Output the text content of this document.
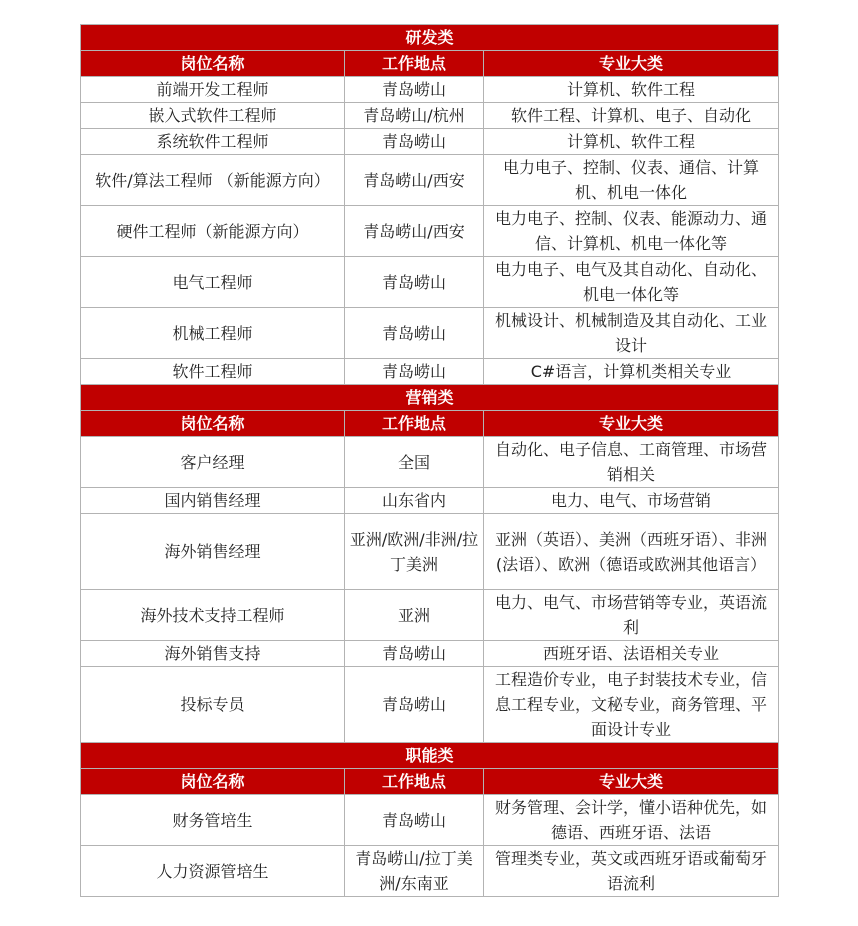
研发类		
岗位名称	工作地点	专业大类
前端开发工程师	青岛崂山	计算机、软件工程
嵌入式软件工程师	青岛崂山/杭州	软件工程、计算机、电子、自动化
系统软件工程师	青岛崂山	计算机、软件工程
软件/算法工程师 （新能源方向）	青岛崂山/西安	电力电子、控制、仪表、通信、计算机、机电一体化
硬件工程师（新能源方向）	青岛崂山/西安	电力电子、控制、仪表、能源动力、通信、计算机、机电一体化等
电气工程师	青岛崂山	电力电子、电气及其自动化、自动化、机电一体化等
机械工程师	青岛崂山	机械设计、机械制造及其自动化、工业设计
软件工程师	青岛崂山	C#语言，计算机类相关专业
营销类		
岗位名称	工作地点	专业大类
客户经理	全国	自动化、电子信息、工商管理、市场营销相关
国内销售经理	山东省内	电力、电气、市场营销
海外销售经理	亚洲/欧洲/非洲/拉丁美洲	亚洲（英语）、美洲（西班牙语）、非洲(法语）、欧洲（德语或欧洲其他语言）
海外技术支持工程师	亚洲	电力、电气、市场营销等专业，英语流利
海外销售支持	青岛崂山	西班牙语、法语相关专业
投标专员	青岛崂山	工程造价专业，电子封装技术专业，信息工程专业，文秘专业，商务管理、平面设计专业
职能类		
岗位名称	工作地点	专业大类
财务管培生	青岛崂山	财务管理、会计学，懂小语种优先，如德语、西班牙语、法语
人力资源管培生	青岛崂山/拉丁美洲/东南亚	管理类专业，英文或西班牙语或葡萄牙语流利
